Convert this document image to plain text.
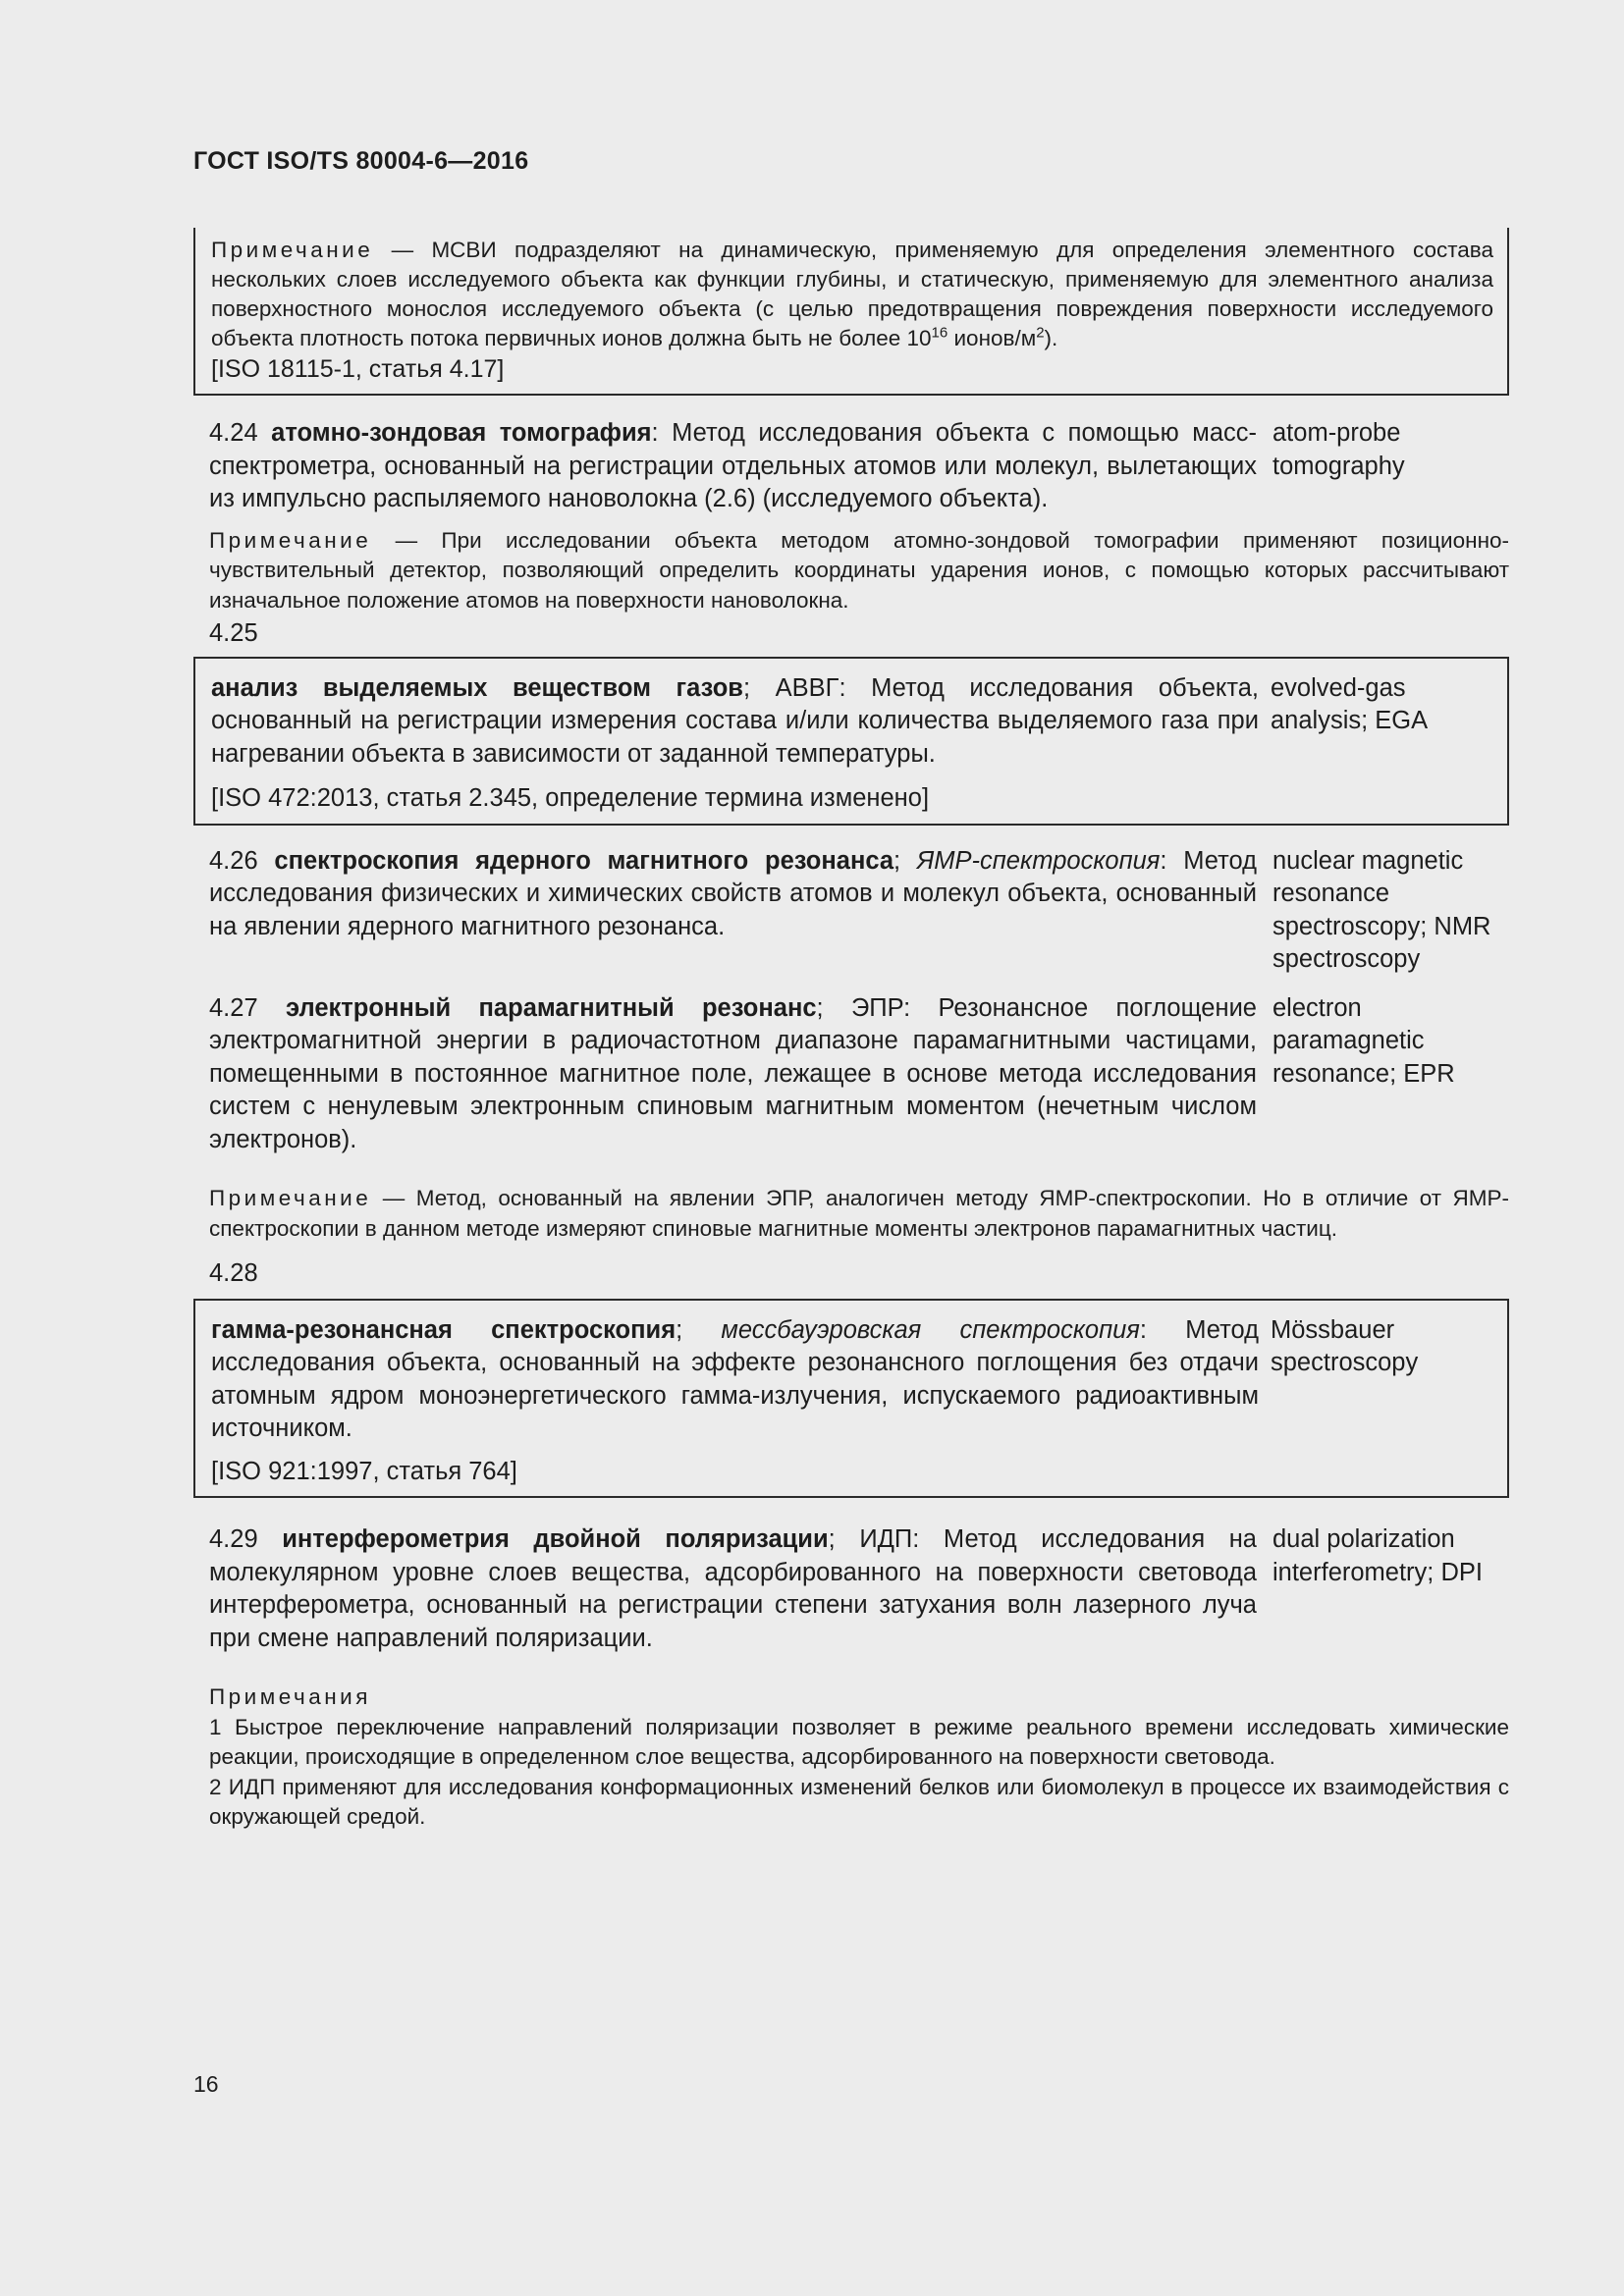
ГОСТ ISO/TS 80004-6—2016
Примечание — МСВИ подразделяют на динамическую, применяемую для определения элементного состава нескольких слоев исследуемого объекта как функции глубины, и статическую, применяемую для элементного анализа поверхностного монослоя исследуемого объекта (с целью предотвращения повреждения поверхности исследуемого объекта плотность потока первичных ионов должна быть не более $10^{16}$ ионов/$м^2$).
[ISO 18115-1, статья 4.17]
4.24 атомно-зондовая томография: Метод исследования объекта с помощью масс-спектрометра, основанный на регистрации отдельных атомов или молекул, вылетающих из импульсно распыляемого нановолокна (2.6) (исследуемого объекта).
atom-probe tomography
Примечание — При исследовании объекта методом атомно-зондовой томографии применяют позиционно-чувствительный детектор, позволяющий определить координаты ударения ионов, с помощью которых рассчитывают изначальное положение атомов на поверхности нановолокна.
4.25
анализ выделяемых веществом газов; АВВГ: Метод исследования объекта, основанный на регистрации измерения состава и/или количества выделяемого газа при нагревании объекта в зависимости от заданной температуры.
evolved-gas analysis; EGA
[ISO 472:2013, статья 2.345, определение термина изменено]
4.26 спектроскопия ядерного магнитного резонанса; ЯМР-спектроскопия: Метод исследования физических и химических свойств атомов и молекул объекта, основанный на явлении ядерного магнитного резонанса.
nuclear magnetic resonance spectroscopy; NMR spectroscopy
4.27 электронный парамагнитный резонанс; ЭПР: Резонансное поглощение электромагнитной энергии в радиочастотном диапазоне парамагнитными частицами, помещенными в постоянное магнитное поле, лежащее в основе метода исследования систем с ненулевым электронным спиновым магнитным моментом (нечетным числом электронов).
electron paramagnetic resonance; EPR
Примечание — Метод, основанный на явлении ЭПР, аналогичен методу ЯМР-спектроскопии. Но в отличие от ЯМР-спектроскопии в данном методе измеряют спиновые магнитные моменты электронов парамагнитных частиц.
4.28
гамма-резонансная спектроскопия; мессбауэровская спектроскопия: Метод исследования объекта, основанный на эффекте резонансного поглощения без отдачи атомным ядром моноэнергетического гамма-излучения, испускаемого радиоактивным источником.
Mössbauer spectroscopy
[ISO 921:1997, статья 764]
4.29 интерферометрия двойной поляризации; ИДП: Метод исследования на молекулярном уровне слоев вещества, адсорбированного на поверхности световода интерферометра, основанный на регистрации степени затухания волн лазерного луча при смене направлений поляризации.
dual polarization interferometry; DPI
Примечания
1 Быстрое переключение направлений поляризации позволяет в режиме реального времени исследовать химические реакции, происходящие в определенном слое вещества, адсорбированного на поверхности световода.
2 ИДП применяют для исследования конформационных изменений белков или биомолекул в процессе их взаимодействия с окружающей средой.
16
